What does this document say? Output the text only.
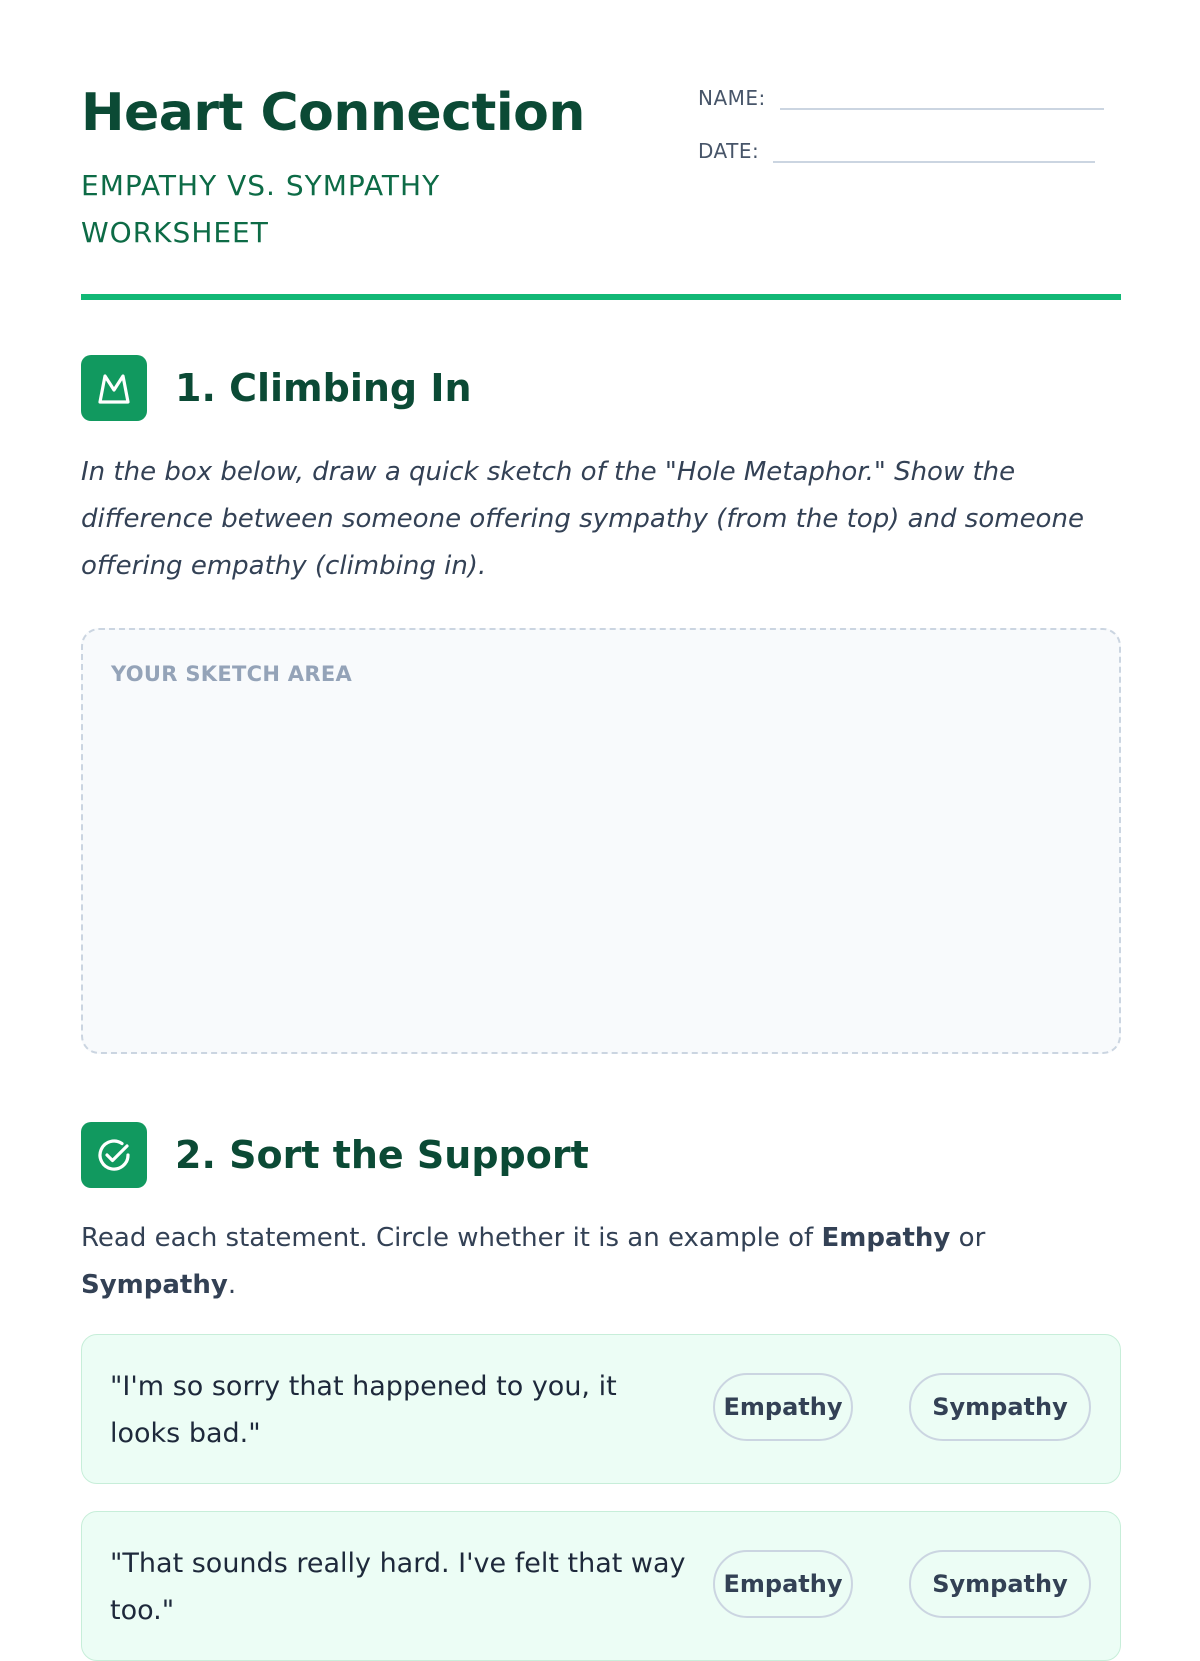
Heart Connection

EMPATHY VS. SYMPATHY WORKSHEET

NAME:
DATE:
1. Climbing In

In the box below, draw a quick sketch of the "Hole Metaphor." Show the difference between someone offering sympathy (from the top) and someone offering empathy (climbing in).

YOUR SKETCH AREA
2. Sort the Support

Read each statement. Circle whether it is an example of Empathy or Sympathy.

"I'm so sorry that happened to you, it looks bad."

Empathy	Sympathy

"That sounds really hard. I've felt that way too."

Empathy	Sympathy
